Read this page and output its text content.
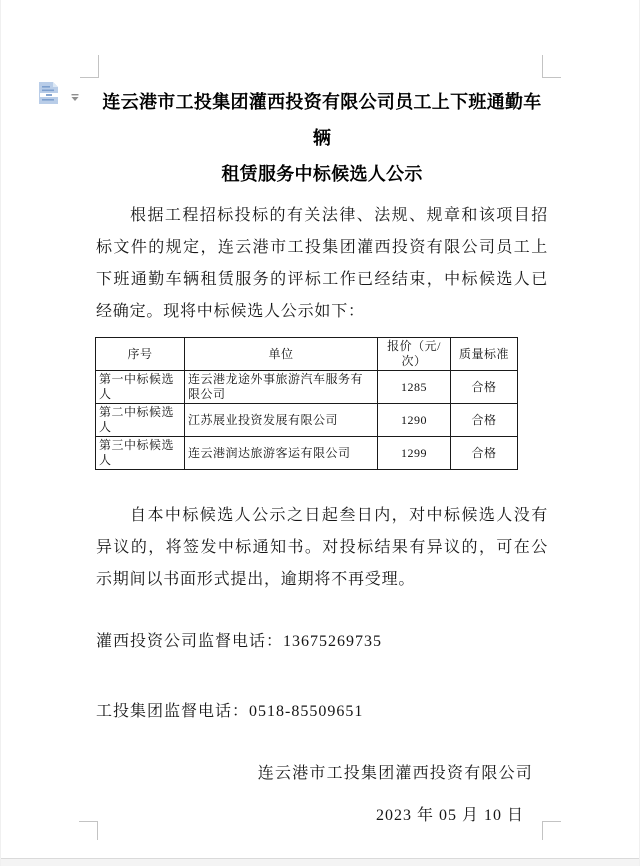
连云港市工投集团灌西投资有限公司员工上下班通勤车辆
租赁服务中标候选人公示
根据工程招标投标的有关法律、法规、规章和该项目招标文件的规定，连云港市工投集团灌西投资有限公司员工上下班通勤车辆租赁服务的评标工作已经结束，中标候选人已经确定。现将中标候选人公示如下：
序号	单位	报价（元/次）	质量标准
第一中标候选人	连云港龙途外事旅游汽车服务有限公司	1285	合格
第二中标候选人	江苏展业投资发展有限公司	1290	合格
第三中标候选人	连云港润达旅游客运有限公司	1299	合格
自本中标候选人公示之日起叁日内，对中标候选人没有异议的，将签发中标通知书。对投标结果有异议的，可在公示期间以书面形式提出，逾期将不再受理。
灌西投资公司监督电话：13675269735
工投集团监督电话：0518-85509651
连云港市工投集团灌西投资有限公司
2023 年 05 月 10 日
